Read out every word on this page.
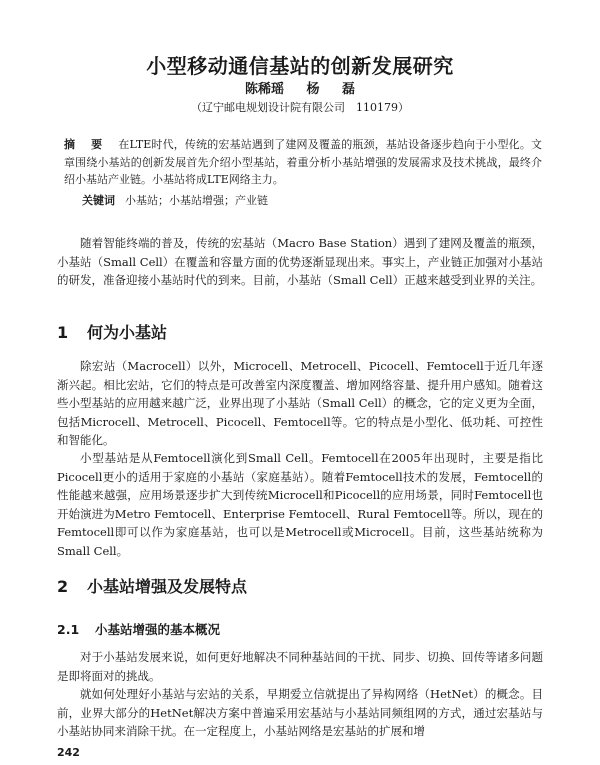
小型移动通信基站的创新发展研究
陈稀瑶 杨 磊
（辽宁邮电规划设计院有限公司　110179）
摘 要 在LTE时代，传统的宏基站遇到了建网及覆盖的瓶颈，基站设备逐步趋向于小型化。文章围绕小基站的创新发展首先介绍小型基站，着重分析小基站增强的发展需求及技术挑战，最终介绍小基站产业链。小基站将成LTE网络主力。
关键词 小基站；小基站增强；产业链

随着智能终端的普及，传统的宏基站（Macro Base Station）遇到了建网及覆盖的瓶颈，小基站（Small Cell）在覆盖和容量方面的优势逐渐显现出来。事实上，产业链正加强对小基站的研发，准备迎接小基站时代的到来。目前，小基站（Small Cell）正越来越受到业界的关注。

1 何为小基站

除宏站（Macrocell）以外，Microcell、Metrocell、Picocell、Femtocell于近几年逐渐兴起。相比宏站，它们的特点是可改善室内深度覆盖、增加网络容量、提升用户感知。随着这些小型基站的应用越来越广泛，业界出现了小基站（Small Cell）的概念，它的定义更为全面，包括Microcell、Metrocell、Picocell、Femtocell等。它的特点是小型化、低功耗、可控性和智能化。

小型基站是从Femtocell演化到Small Cell。Femtocell在2005年出现时，主要是指比Picocell更小的适用于家庭的小基站（家庭基站）。随着Femtocell技术的发展，Femtocell的性能越来越强，应用场景逐步扩大到传统Microcell和Picocell的应用场景，同时Femtocell也开始演进为Metro Femtocell、Enterprise Femtocell、Rural Femtocell等。所以，现在的Femtocell即可以作为家庭基站，也可以是Metrocell或Microcell。目前，这些基站统称为Small Cell。

2 小基站增强及发展特点
2.1 小基站增强的基本概况

对于小基站发展来说，如何更好地解决不同种基站间的干扰、同步、切换、回传等诸多问题是即将面对的挑战。

就如何处理好小基站与宏站的关系，早期爱立信就提出了异构网络（HetNet）的概念。目前，业界大部分的HetNet解决方案中普遍采用宏基站与小基站同频组网的方式，通过宏基站与小基站协同来消除干扰。在一定程度上，小基站网络是宏基站的扩展和增

242
